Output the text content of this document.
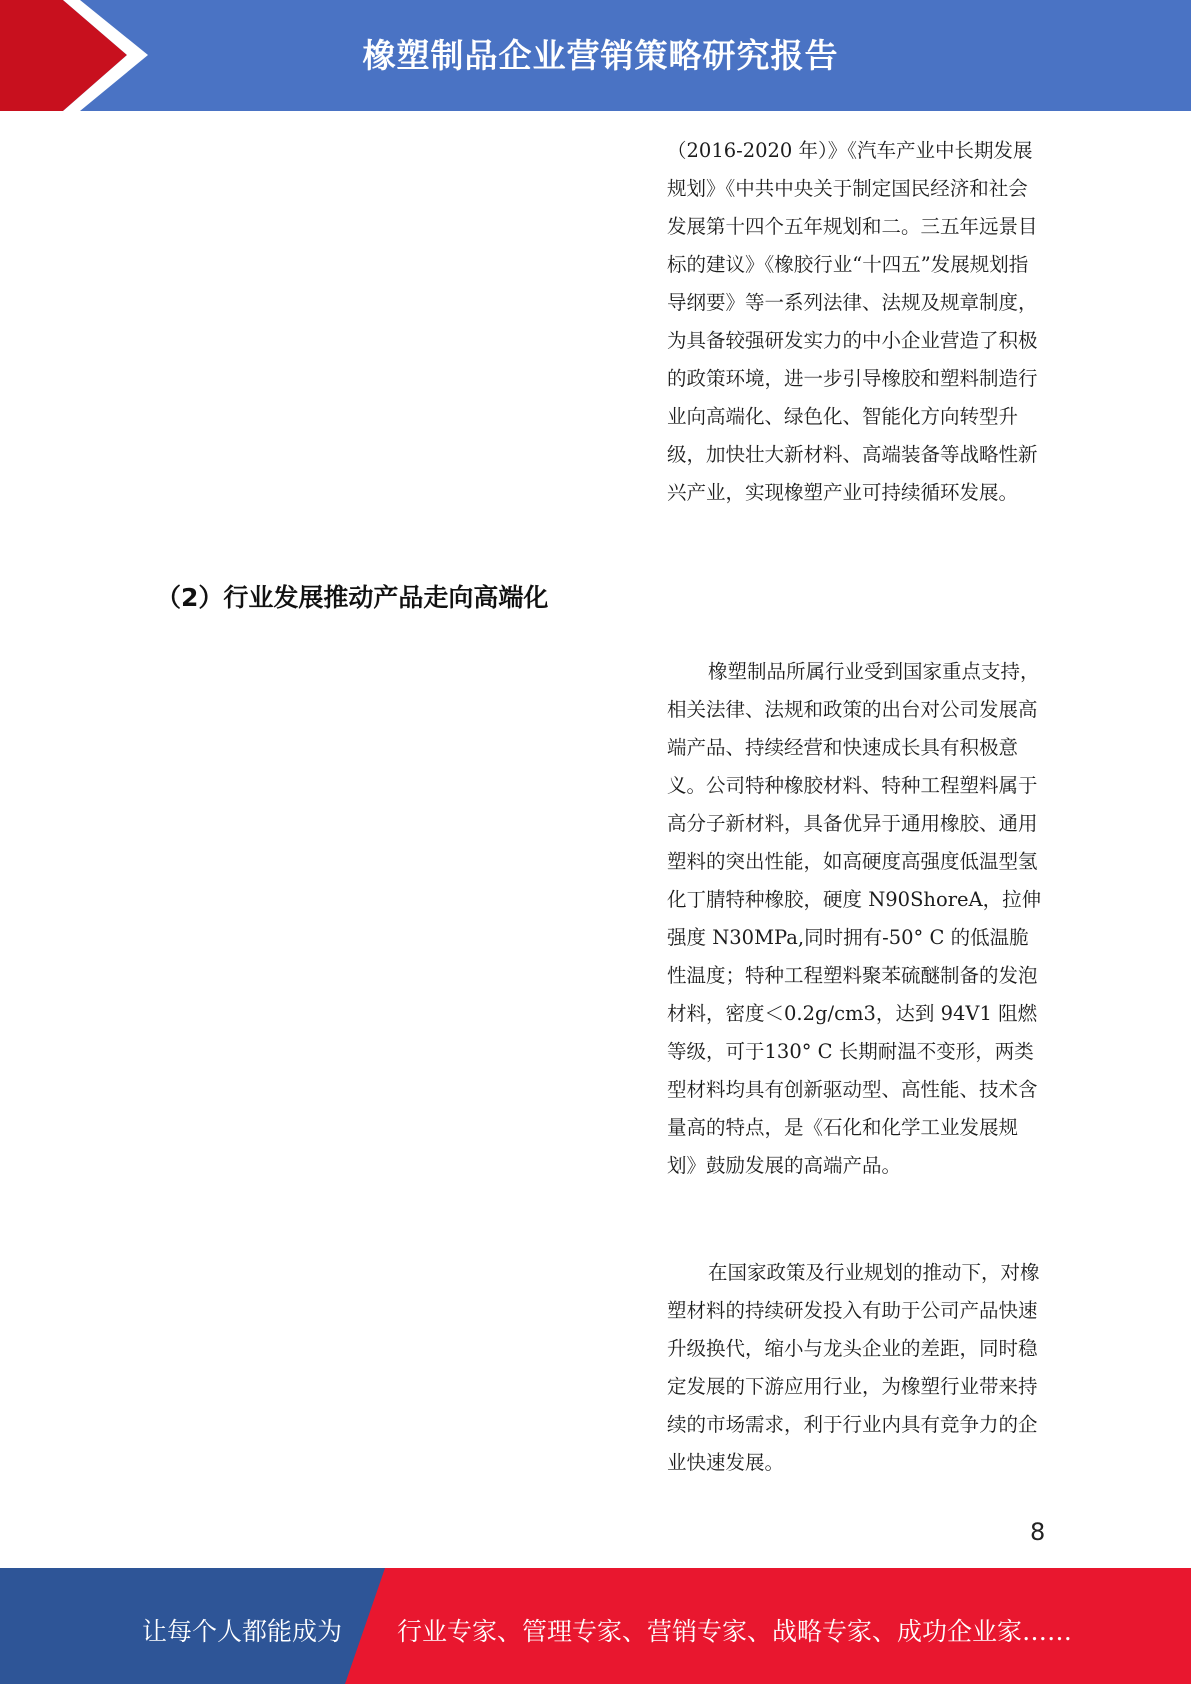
橡塑制品企业营销策略研究报告

（2016-2020 年）》《汽车产业中长期发展规划》《中共中央关于制定国民经济和社会发展第十四个五年规划和二。三五年远景目标的建议》《橡胶行业“十四五”发展规划指导纲要》等一系列法律、法规及规章制度，为具备较强研发实力的中小企业营造了积极的政策环境，进一步引导橡胶和塑料制造行业向高端化、绿色化、智能化方向转型升级，加快壮大新材料、高端装备等战略性新兴产业，实现橡塑产业可持续循环发展。

（2）行业发展推动产品走向高端化

橡塑制品所属行业受到国家重点支持，相关法律、法规和政策的出台对公司发展高端产品、持续经营和快速成长具有积极意义。公司特种橡胶材料、特种工程塑料属于高分子新材料，具备优异于通用橡胶、通用塑料的突出性能，如高硬度高强度低温型氢化丁腈特种橡胶，硬度 N90ShoreA，拉伸强度 N30MPa,同时拥有-50° C 的低温脆性温度；特种工程塑料聚苯硫醚制备的发泡材料，密度＜0.2g/cm3，达到 94V1 阻燃等级，可于130° C 长期耐温不变形，两类型材料均具有创新驱动型、高性能、技术含量高的特点，是《石化和化学工业发展规划》鼓励发展的高端产品。

在国家政策及行业规划的推动下，对橡塑材料的持续研发投入有助于公司产品快速升级换代，缩小与龙头企业的差距，同时稳定发展的下游应用行业，为橡塑行业带来持续的市场需求，利于行业内具有竞争力的企业快速发展。

8
让每个人都能成为 行业专家、管理专家、营销专家、战略专家、成功企业家……
